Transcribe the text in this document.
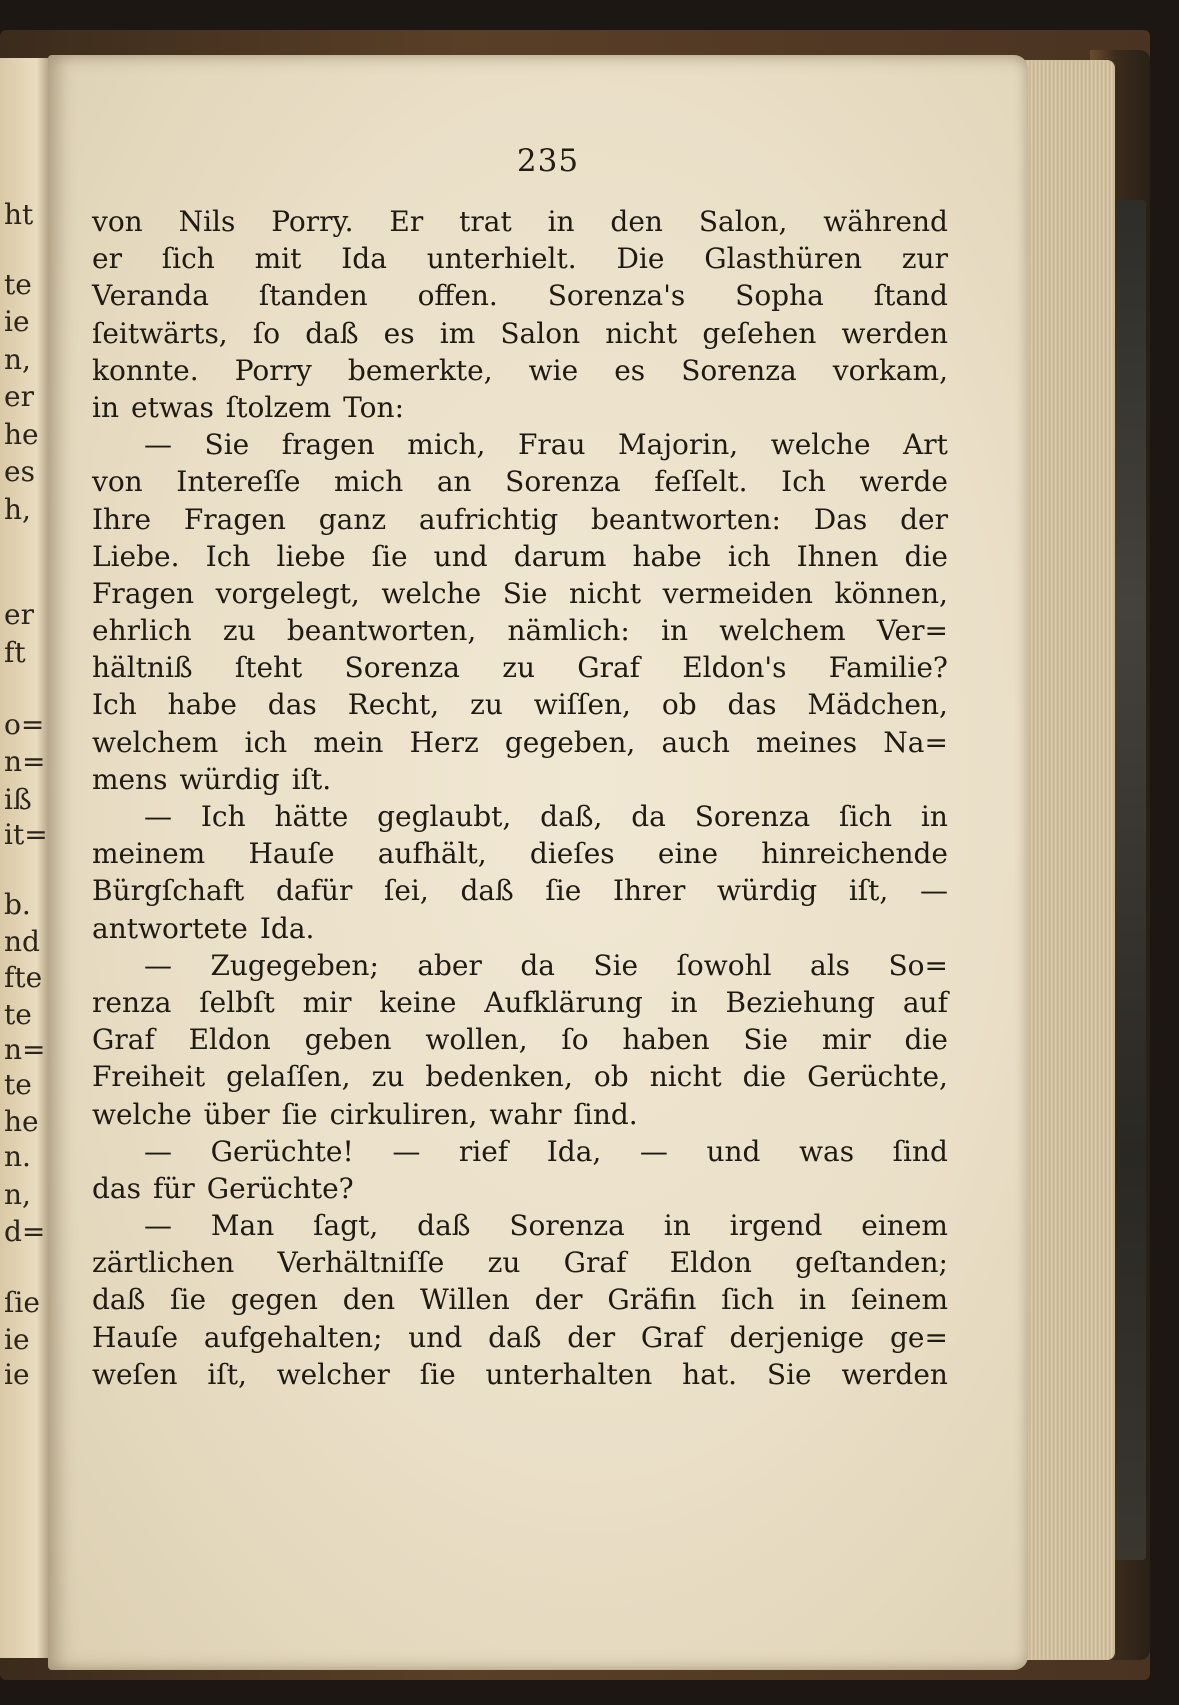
ht
te
ie
n,
er
he
es
h,
er
ft
o=
n=
iß
it=
b.
nd
fte
te
n=
te
he
n.
n,
d=
ſie
ie
ie
235
von Nils Porry. Er trat in den Salon, während
er ſich mit Ida unterhielt. Die Glasthüren zur
Veranda ſtanden offen. Sorenza's Sopha ſtand
ſeitwärts, ſo daß es im Salon nicht geſehen werden
konnte. Porry bemerkte, wie es Sorenza vorkam,
in etwas ſtolzem Ton:
— Sie fragen mich, Frau Majorin, welche Art
von Intereſſe mich an Sorenza feſſelt. Ich werde
Ihre Fragen ganz aufrichtig beantworten: Das der
Liebe. Ich liebe ſie und darum habe ich Ihnen die
Fragen vorgelegt, welche Sie nicht vermeiden können,
ehrlich zu beantworten, nämlich: in welchem Ver=
hältniß ſteht Sorenza zu Graf Eldon's Familie?
Ich habe das Recht, zu wiſſen, ob das Mädchen,
welchem ich mein Herz gegeben, auch meines Na=
mens würdig iſt.
— Ich hätte geglaubt, daß, da Sorenza ſich in
meinem Hauſe aufhält, dieſes eine hinreichende
Bürgſchaft dafür ſei, daß ſie Ihrer würdig iſt, —
antwortete Ida.
— Zugegeben; aber da Sie ſowohl als So=
renza ſelbſt mir keine Aufklärung in Beziehung auf
Graf Eldon geben wollen, ſo haben Sie mir die
Freiheit gelaſſen, zu bedenken, ob nicht die Gerüchte,
welche über ſie cirkuliren, wahr ſind.
— Gerüchte! — rief Ida, — und was ſind
das für Gerüchte?
— Man ſagt, daß Sorenza in irgend einem
zärtlichen Verhältniſſe zu Graf Eldon geſtanden;
daß ſie gegen den Willen der Gräfin ſich in ſeinem
Hauſe aufgehalten; und daß der Graf derjenige ge=
weſen iſt, welcher ſie unterhalten hat. Sie werden
